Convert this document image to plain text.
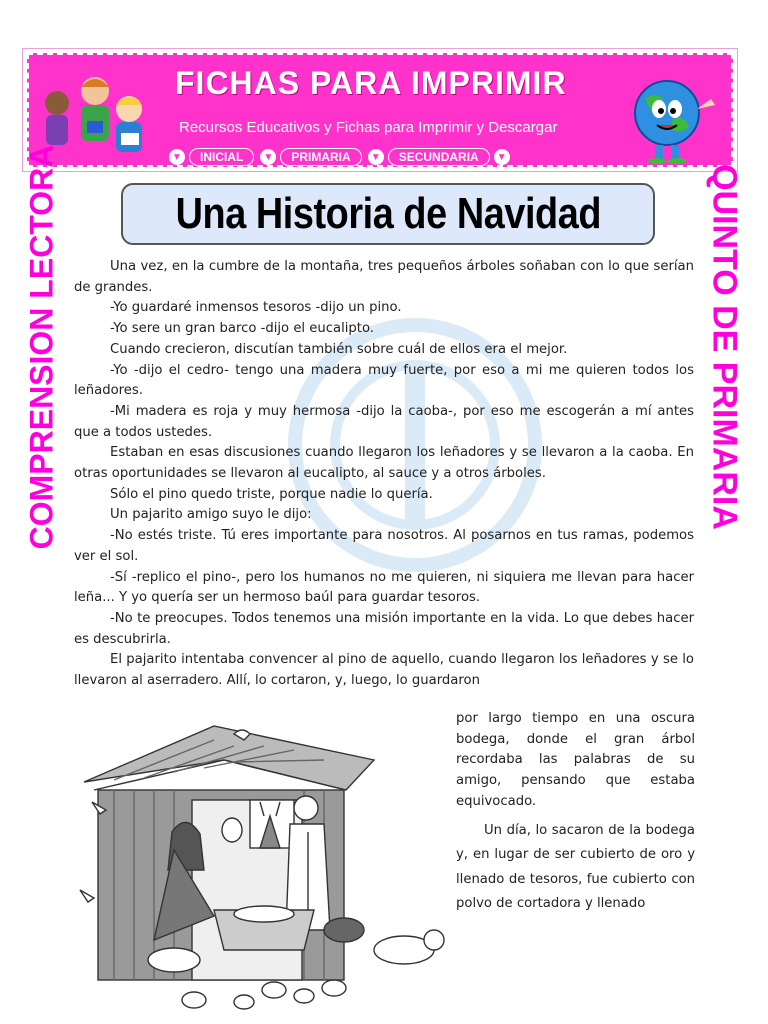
FICHAS PARA IMPRIMIR
Recursos Educativos y Fichas para Imprimir y Descargar
▼	INICIAL	▼	PRIMARIA	▼	SECUNDARIA	▼
COMPRENSION LECTORA	QUINTO DE PRIMARIA
Una Historia de Navidad

Una vez, en la cumbre de la montaña, tres pequeños árboles soñaban con lo que serían de grandes.

-Yo guardaré inmensos tesoros -dijo un pino.

-Yo sere un gran barco -dijo el eucalipto.

Cuando crecieron, discutían también sobre cuál de ellos era el mejor.

-Yo -dijo el cedro- tengo una madera muy fuerte, por eso a mi me quieren todos los leñadores.

-Mi madera es roja y muy hermosa -dijo la caoba-, por eso me escogerán a mí antes que a todos ustedes.

Estaban en esas discusiones cuando llegaron los leñadores y se llevaron a la caoba. En otras oportunidades se llevaron al eucalipto, al sauce y a otros árboles.

Sólo el pino quedo triste, porque nadie lo quería.

Un pajarito amigo suyo le dijo:

-No estés triste. Tú eres importante para nosotros. Al posarnos en tus ramas, podemos ver el sol.

-Sí -replico el pino-, pero los humanos no me quieren, ni siquiera me llevan para hacer leña... Y yo quería ser un hermoso baúl para guardar tesoros.

-No te preocupes. Todos tenemos una misión importante en la vida. Lo que debes hacer es descubrirla.

El pajarito intentaba convencer al pino de aquello, cuando llegaron los leñadores y se lo llevaron al aserradero. Allí, lo cortaron, y, luego, lo guardaron

por largo tiempo en una oscura bodega, donde el gran árbol recordaba las palabras de su amigo, pensando que estaba equivocado.

Un día, lo sacaron de la bodega y, en lugar de ser cubierto de oro y llenado de tesoros, fue cubierto con polvo de cortadora y llenado
